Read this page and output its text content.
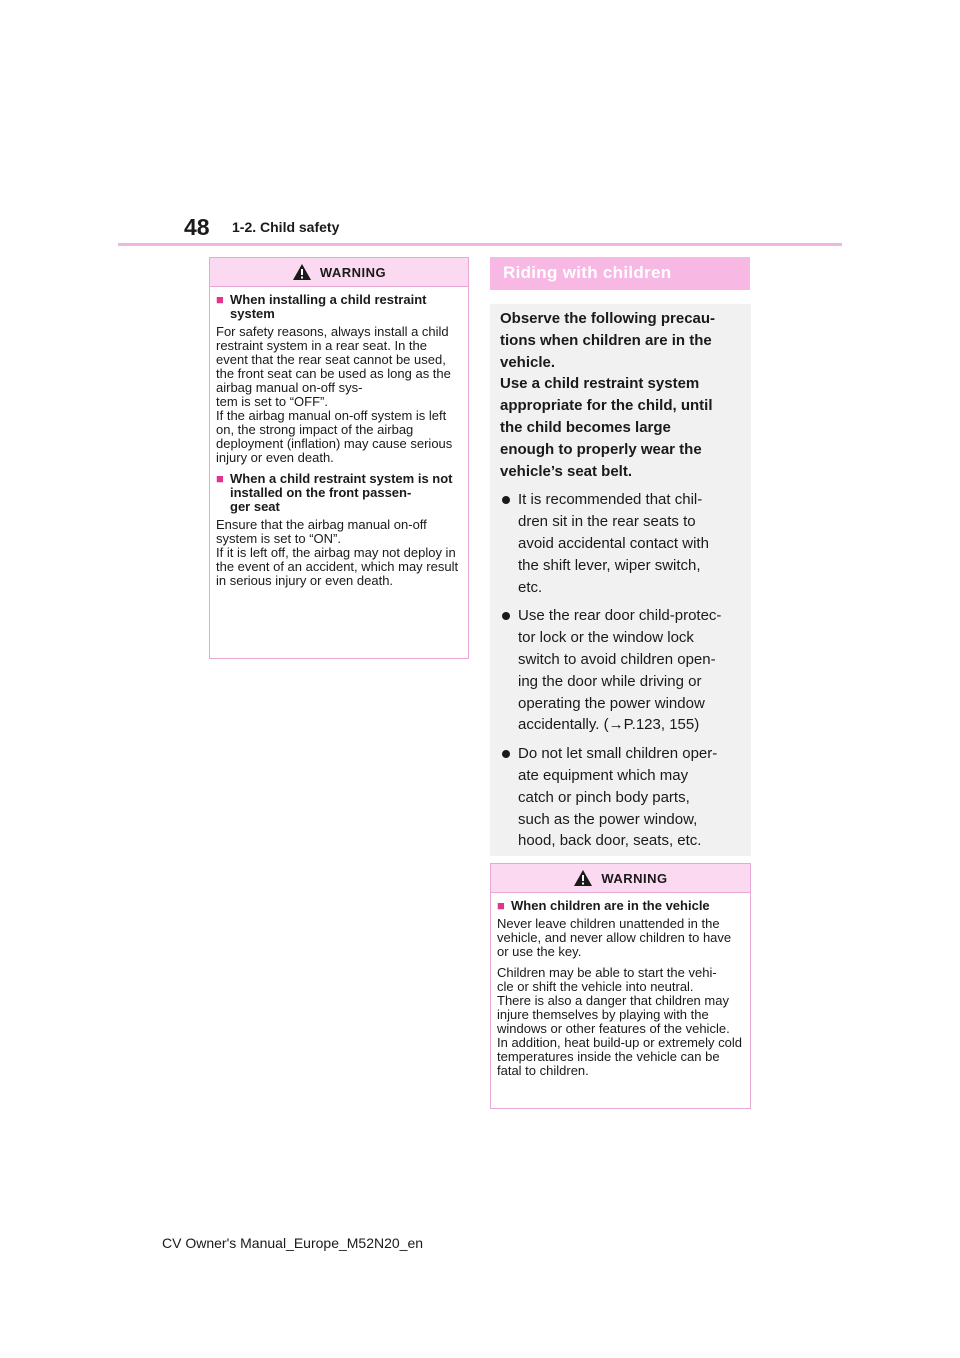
48 1-2. Child safety
WARNING
■ When installing a child restraint system

For safety reasons, always install a child restraint system in a rear seat. In the event that the rear seat cannot be used, the front seat can be used as long as the airbag manual on-off sys-
tem is set to “OFF”.
If the airbag manual on-off system is left on, the strong impact of the airbag deployment (inflation) may cause serious injury or even death.

■ When a child restraint system is not installed on the front passen-
ger seat

Ensure that the airbag manual on-off system is set to “ON”.
If it is left off, the airbag may not deploy in the event of an accident, which may result in serious injury or even death.

Riding with children

Observe the following precau-
tions when children are in the
vehicle.
Use a child restraint system
appropriate for the child, until
the child becomes large
enough to properly wear the
vehicle’s seat belt.

It is recommended that chil-
dren sit in the rear seats to
avoid accidental contact with
the shift lever, wiper switch,
etc.
Use the rear door child-protec-
tor lock or the window lock
switch to avoid children open-
ing the door while driving or
operating the power window
accidentally. (→P.123, 155)
Do not let small children oper-
ate equipment which may
catch or pinch body parts,
such as the power window,
hood, back door, seats, etc.
WARNING
■ When children are in the vehicle

Never leave children unattended in the vehicle, and never allow children to have or use the key.

Children may be able to start the vehi-
cle or shift the vehicle into neutral.
There is also a danger that children may injure themselves by playing with the windows or other features of the vehicle. In addition, heat build-up or extremely cold temperatures inside the vehicle can be fatal to children.

CV Owner's Manual_Europe_M52N20_en
